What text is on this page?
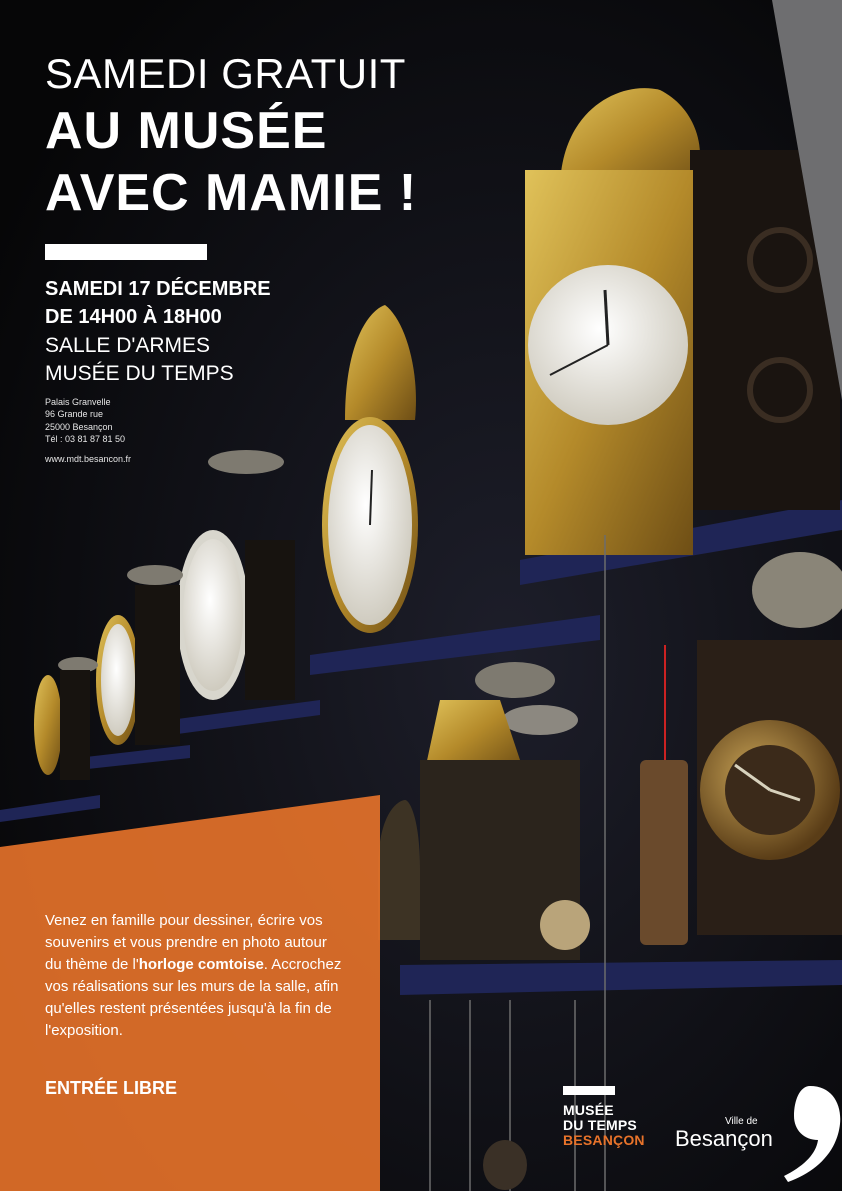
SAMEDI GRATUIT
AU MUSÉE
AVEC MAMIE !

SAMEDI 17 DÉCEMBRE

DE 14H00 À 18H00

SALLE D'ARMES

MUSÉE DU TEMPS

Palais Granvelle

96 Grande rue

25000 Besançon

Tél : 03 81 87 81 50

www.mdt.besancon.fr

Venez en famille pour dessiner, écrire vos souvenirs et vous prendre en photo autour du thème de l'horloge comtoise. Accrochez vos réalisations sur les murs de la salle, afin qu'elles restent présentées jusqu'à la fin de l'exposition.

ENTRÉE LIBRE

MUSÉE
DU TEMPS
BESANÇON
Ville de
Besançon
